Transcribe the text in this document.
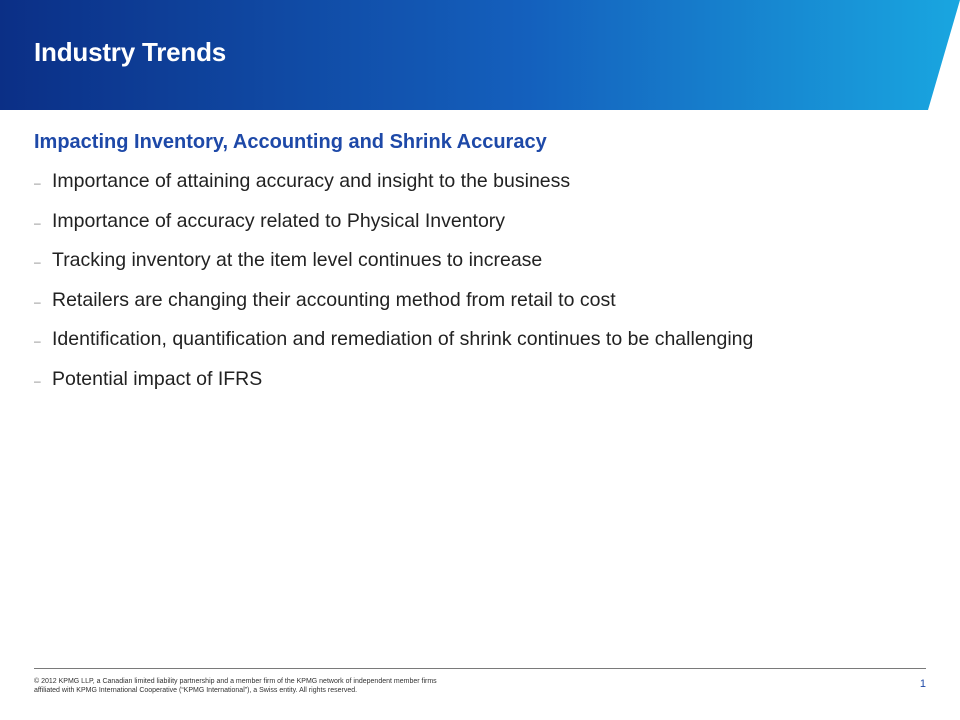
Industry Trends
Impacting Inventory, Accounting and Shrink Accuracy
– Importance of attaining accuracy and insight to the business
– Importance of accuracy related to Physical Inventory
– Tracking inventory at the item level continues to increase
– Retailers are changing their accounting method from retail to cost
– Identification, quantification and remediation of shrink continues to be challenging
– Potential impact of IFRS

© 2012 KPMG LLP, a Canadian limited liability partnership and a member firm of the KPMG network of independent member firms
affiliated with KPMG International Cooperative (“KPMG International”), a Swiss entity. All rights reserved.

1
